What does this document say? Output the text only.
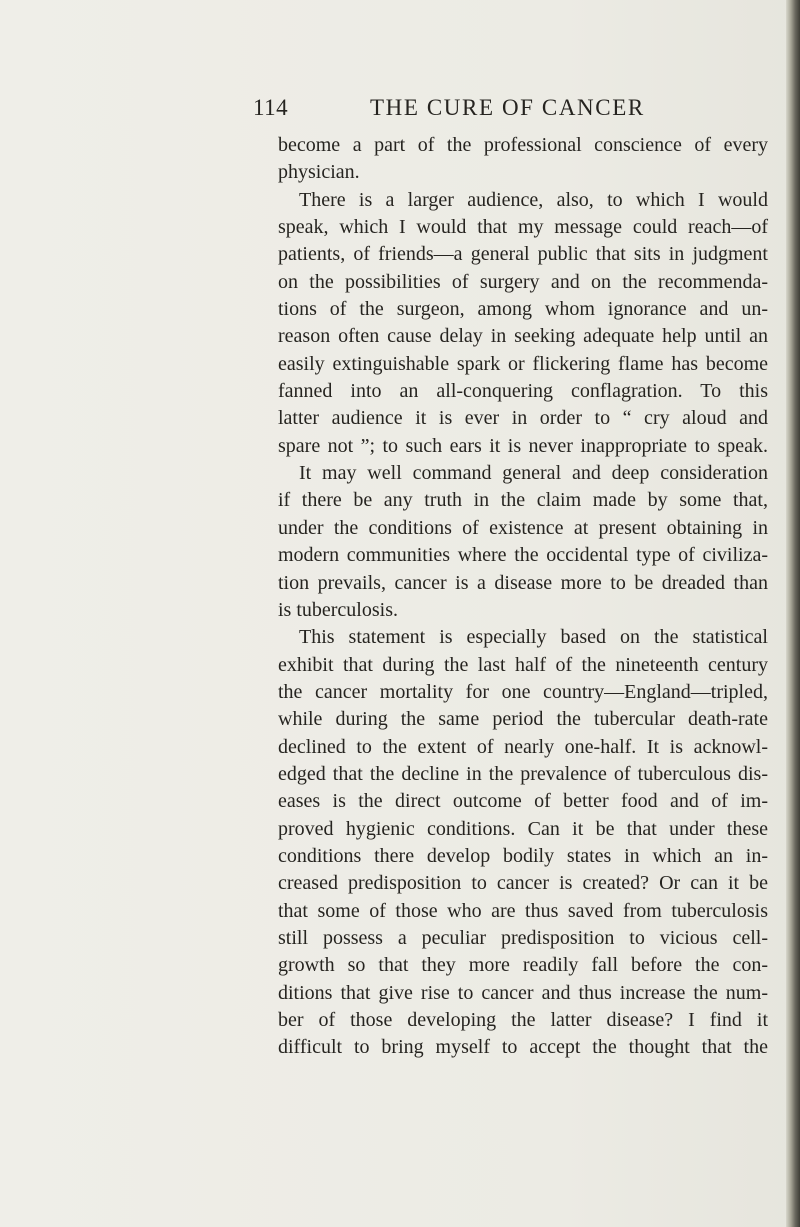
114	THE CURE OF CANCER
become a part of the professional conscience of every
physician.
There is a larger audience, also, to which I would
speak, which I would that my message could reach—of
patients, of friends—a general public that sits in judgment
on the possibilities of surgery and on the recommenda-
tions of the surgeon, among whom ignorance and un-
reason often cause delay in seeking adequate help until an
easily extinguishable spark or flickering flame has become
fanned into an all-conquering conflagration. To this
latter audience it is ever in order to “ cry aloud and
spare not ”; to such ears it is never inappropriate to speak.
It may well command general and deep consideration
if there be any truth in the claim made by some that,
under the conditions of existence at present obtaining in
modern communities where the occidental type of civiliza-
tion prevails, cancer is a disease more to be dreaded than
is tuberculosis.
This statement is especially based on the statistical
exhibit that during the last half of the nineteenth century
the cancer mortality for one country—England—tripled,
while during the same period the tubercular death-rate
declined to the extent of nearly one-half. It is acknowl-
edged that the decline in the prevalence of tuberculous dis-
eases is the direct outcome of better food and of im-
proved hygienic conditions. Can it be that under these
conditions there develop bodily states in which an in-
creased predisposition to cancer is created? Or can it be
that some of those who are thus saved from tuberculosis
still possess a peculiar predisposition to vicious cell-
growth so that they more readily fall before the con-
ditions that give rise to cancer and thus increase the num-
ber of those developing the latter disease? I find it
difficult to bring myself to accept the thought that the
